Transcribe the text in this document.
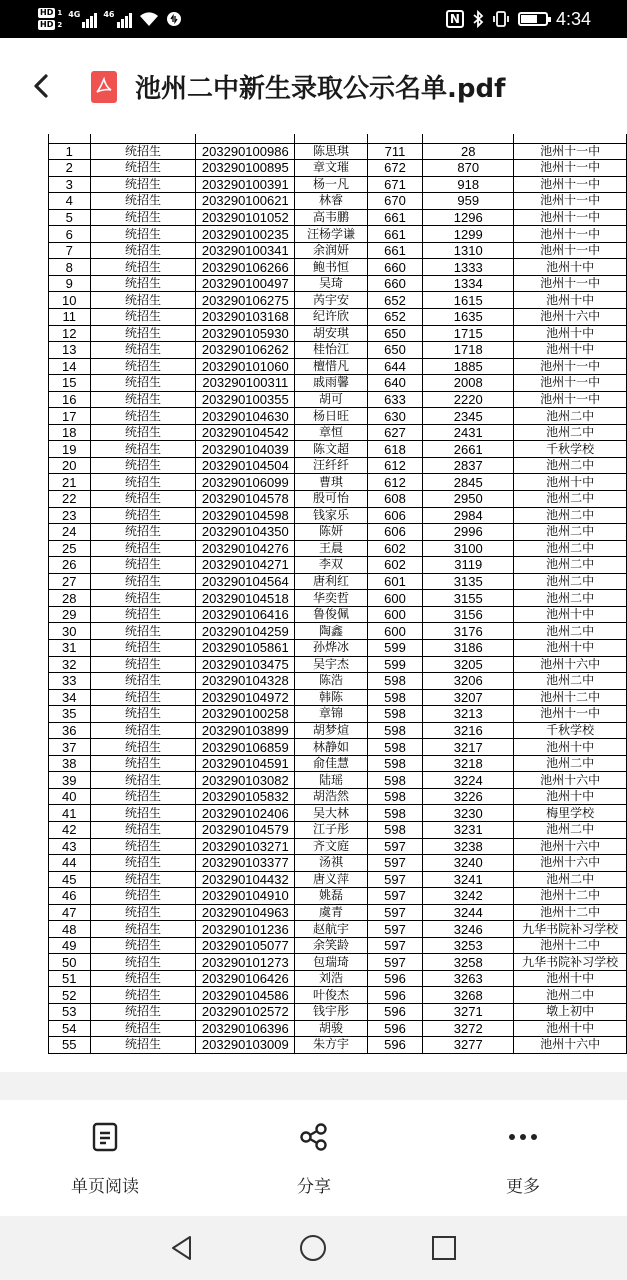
HD 1
HD 2
4G	46	N	4:34
池州二中新生录取公示名单.pdf

1	统招生	203290100986	陈思琪	711	28	池州十一中
2	统招生	203290100895	章文璀	672	870	池州十一中
3	统招生	203290100391	杨一凡	671	918	池州十一中
4	统招生	203290100621	林睿	670	959	池州十一中
5	统招生	203290101052	高韦鹏	661	1296	池州十一中
6	统招生	203290100235	汪杨学谦	661	1299	池州十一中
7	统招生	203290100341	余润妍	661	1310	池州十一中
8	统招生	203290106266	鲍书恒	660	1333	池州十中
9	统招生	203290100497	吴琦	660	1334	池州十一中
10	统招生	203290106275	芮宇安	652	1615	池州十中
11	统招生	203290103168	纪许欣	652	1635	池州十六中
12	统招生	203290105930	胡安琪	650	1715	池州十中
13	统招生	203290106262	桂怡江	650	1718	池州十中
14	统招生	203290101060	檀惜凡	644	1885	池州十一中
15	统招生	203290100311	戚雨馨	640	2008	池州十一中
16	统招生	203290100355	胡可	633	2220	池州十一中
17	统招生	203290104630	杨日旺	630	2345	池州二中
18	统招生	203290104542	章恒	627	2431	池州二中
19	统招生	203290104039	陈文超	618	2661	千秋学校
20	统招生	203290104504	汪纤纤	612	2837	池州二中
21	统招生	203290106099	曹琪	612	2845	池州十中
22	统招生	203290104578	殷可怡	608	2950	池州二中
23	统招生	203290104598	钱家乐	606	2984	池州二中
24	统招生	203290104350	陈妍	606	2996	池州二中
25	统招生	203290104276	王晨	602	3100	池州二中
26	统招生	203290104271	李双	602	3119	池州二中
27	统招生	203290104564	唐利红	601	3135	池州二中
28	统招生	203290104518	华奕哲	600	3155	池州二中
29	统招生	203290106416	鲁俊佩	600	3156	池州十中
30	统招生	203290104259	陶鑫	600	3176	池州二中
31	统招生	203290105861	孙烨冰	599	3186	池州十中
32	统招生	203290103475	吴宇杰	599	3205	池州十六中
33	统招生	203290104328	陈浩	598	3206	池州二中
34	统招生	203290104972	韩陈	598	3207	池州十二中
35	统招生	203290100258	章锦	598	3213	池州十一中
36	统招生	203290103899	胡梦煊	598	3216	千秋学校
37	统招生	203290106859	林静如	598	3217	池州十中
38	统招生	203290104591	俞佳慧	598	3218	池州二中
39	统招生	203290103082	陆瑶	598	3224	池州十六中
40	统招生	203290105832	胡浩然	598	3226	池州十中
41	统招生	203290102406	吴大林	598	3230	梅里学校
42	统招生	203290104579	江子彤	598	3231	池州二中
43	统招生	203290103271	齐文庭	597	3238	池州十六中
44	统招生	203290103377	汤祺	597	3240	池州十六中
45	统招生	203290104432	唐义萍	597	3241	池州二中
46	统招生	203290104910	姚磊	597	3242	池州十二中
47	统招生	203290104963	虞青	597	3244	池州十二中
48	统招生	203290101236	赵航宇	597	3246	九华书院补习学校
49	统招生	203290105077	余笑龄	597	3253	池州十二中
50	统招生	203290101273	包瑞琦	597	3258	九华书院补习学校
51	统招生	203290106426	刘浩	596	3263	池州十中
52	统招生	203290104586	叶俊杰	596	3268	池州二中
53	统招生	203290102572	钱宇彤	596	3271	墩上初中
54	统招生	203290106396	胡骏	596	3272	池州十中
55	统招生	203290103009	朱方宇	596	3277	池州十六中
单页阅读	分享	更多
